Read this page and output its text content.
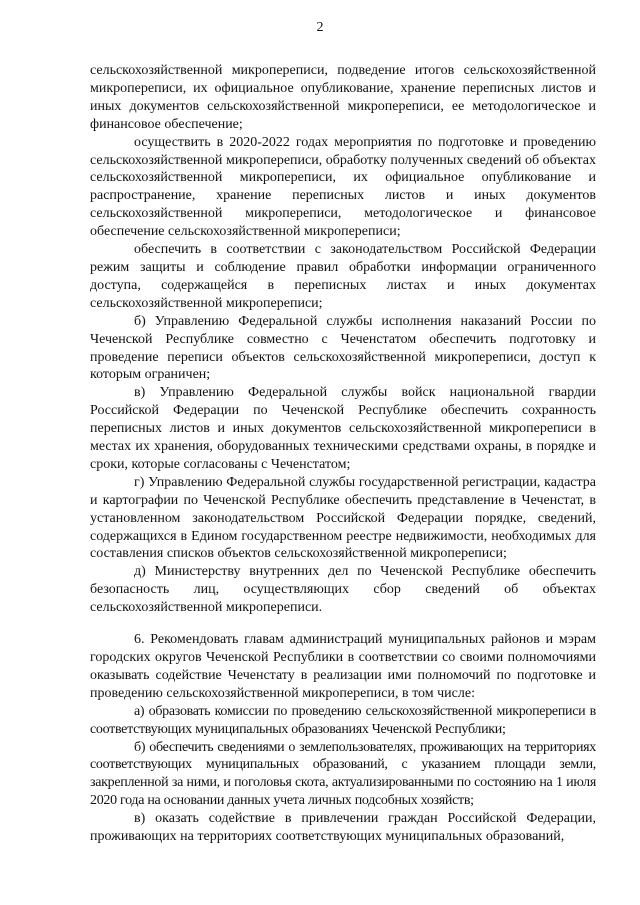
2

сельскохозяйственной микропереписи, подведение итогов сельскохозяйственной микропереписи, их официальное опубликование, хранение переписных листов и иных документов сельскохозяйственной микропереписи, ее методологическое и финансовое обеспечение;

осуществить в 2020-2022 годах мероприятия по подготовке и проведению сельскохозяйственной микропереписи, обработку полученных сведений об объектах сельскохозяйственной микропереписи, их официальное опубликование и распространение, хранение переписных листов и иных документов сельскохозяйственной микропереписи, методологическое и финансовое обеспечение сельскохозяйственной микропереписи;

обеспечить в соответствии с законодательством Российской Федерации режим защиты и соблюдение правил обработки информации ограниченного доступа, содержащейся в переписных листах и иных документах сельскохозяйственной микропереписи;

б) Управлению Федеральной службы исполнения наказаний России по Чеченской Республике совместно с Чеченстатом обеспечить подготовку и проведение переписи объектов сельскохозяйственной микропереписи, доступ к которым ограничен;

в) Управлению Федеральной службы войск национальной гвардии Российской Федерации по Чеченской Республике обеспечить сохранность переписных листов и иных документов сельскохозяйственной микропереписи в местах их хранения, оборудованных техническими средствами охраны, в порядке и сроки, которые согласованы с Чеченстатом;

г) Управлению Федеральной службы государственной регистрации, кадастра и картографии по Чеченской Республике обеспечить представление в Чеченстат, в установленном законодательством Российской Федерации порядке, сведений, содержащихся в Едином государственном реестре недвижимости, необходимых для составления списков объектов сельскохозяйственной микропереписи;

д) Министерству внутренних дел по Чеченской Республике обеспечить безопасность лиц, осуществляющих сбор сведений об объектах сельскохозяйственной микропереписи.

6. Рекомендовать главам администраций муниципальных районов и мэрам городских округов Чеченской Республики в соответствии со своими полномочиями оказывать содействие Чеченстату в реализации ими полномочий по подготовке и проведению сельскохозяйственной микропереписи, в том числе:

а) образовать комиссии по проведению сельскохозяйственной микропереписи в соответствующих муниципальных образованиях Чеченской Республики;

б) обеспечить сведениями о землепользователях, проживающих на территориях соответствующих муниципальных образований, с указанием площади земли, закрепленной за ними, и поголовья скота, актуализированными по состоянию на 1 июля 2020 года на основании данных учета личных подсобных хозяйств;

в) оказать содействие в привлечении граждан Российской Федерации, проживающих на территориях соответствующих муниципальных образований,
